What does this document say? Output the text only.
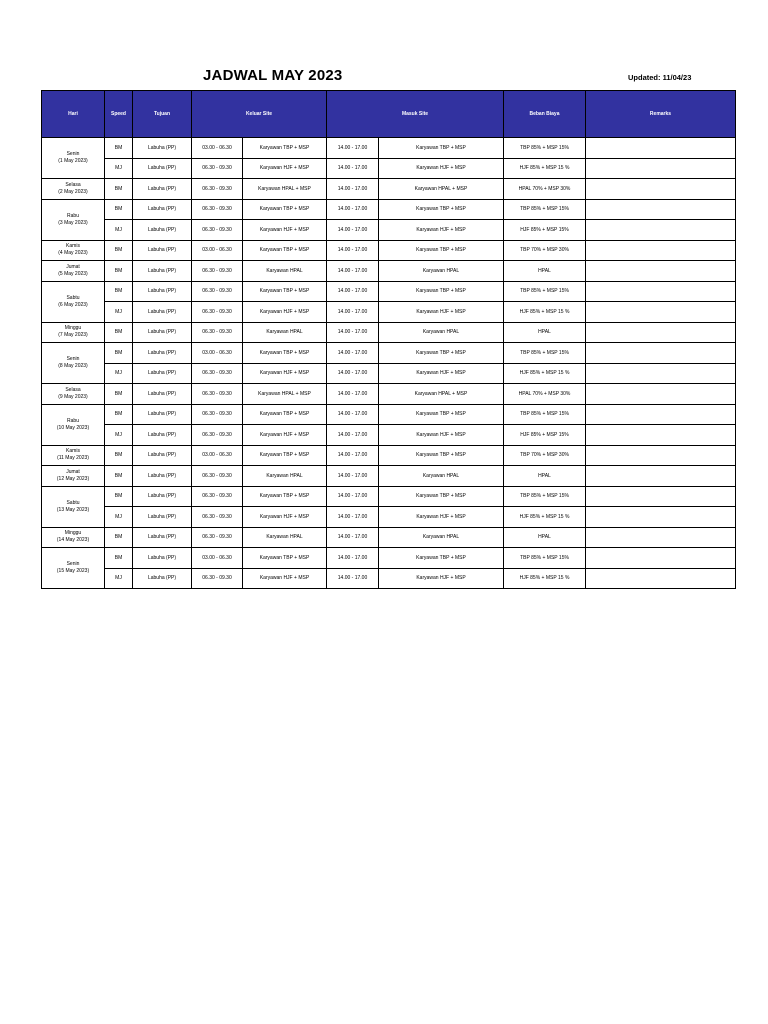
JADWAL MAY 2023	Updated: 11/04/23
Hari	Speed	Tujuan	Keluar Site		Masuk Site		Beban Biaya	Remarks

Senin
(1 May 2023)	BM	Labuha (PP)	03.00 - 06.30	Karyawan TBP + MSP	14.00 - 17.00	Karyawan TBP + MSP	TBP 85% + MSP 15%	
	MJ	Labuha (PP)	06.30 - 09.30	Karyawan HJF + MSP	14.00 - 17.00	Karyawan HJF + MSP	HJF 85% + MSP 15 %	

Selasa
(2 May 2023)	BM	Labuha (PP)	06.30 - 09.30	Karyawan HPAL + MSP	14.00 - 17.00	Karyawan HPAL + MSP	HPAL 70% + MSP 30%	

Rabu
(3 May 2023)	BM	Labuha (PP)	06.30 - 09.30	Karyawan TBP + MSP	14.00 - 17.00	Karyawan TBP + MSP	TBP 85% + MSP 15%	
	MJ	Labuha (PP)	06.30 - 09.30	Karyawan HJF + MSP	14.00 - 17.00	Karyawan HJF + MSP	HJF 85% + MSP 15%	

Kamis
(4 May 2023)	BM	Labuha (PP)	03.00 - 06.30	Karyawan TBP + MSP	14.00 - 17.00	Karyawan TBP + MSP	TBP 70% + MSP 30%	

Jumat
(5 May 2023)	BM	Labuha (PP)	06.30 - 09.30	Karyawan HPAL	14.00 - 17.00	Karyawan HPAL	HPAL	

Sabtu
(6 May 2023)	BM	Labuha (PP)	06.30 - 09.30	Karyawan TBP + MSP	14.00 - 17.00	Karyawan TBP + MSP	TBP 85% + MSP 15%	
	MJ	Labuha (PP)	06.30 - 09.30	Karyawan HJF + MSP	14.00 - 17.00	Karyawan HJF + MSP	HJF 85% + MSP 15 %	

Minggu
(7 May 2023)	BM	Labuha (PP)	06.30 - 09.30	Karyawan HPAL	14.00 - 17.00	Karyawan HPAL	HPAL	

Senin
(8 May 2023)	BM	Labuha (PP)	03.00 - 06.30	Karyawan TBP + MSP	14.00 - 17.00	Karyawan TBP + MSP	TBP 85% + MSP 15%	
	MJ	Labuha (PP)	06.30 - 09.30	Karyawan HJF + MSP	14.00 - 17.00	Karyawan HJF + MSP	HJF 85% + MSP 15 %	

Selasa
(9 May 2023)	BM	Labuha (PP)	06.30 - 09.30	Karyawan HPAL + MSP	14.00 - 17.00	Karyawan HPAL + MSP	HPAL 70% + MSP 30%	

Rabu
(10 May 2023)	BM	Labuha (PP)	06.30 - 09.30	Karyawan TBP + MSP	14.00 - 17.00	Karyawan TBP + MSP	TBP 85% + MSP 15%	
	MJ	Labuha (PP)	06.30 - 09.30	Karyawan HJF + MSP	14.00 - 17.00	Karyawan HJF + MSP	HJF 85% + MSP 15%	

Kamis
(11 May 2023)	BM	Labuha (PP)	03.00 - 06.30	Karyawan TBP + MSP	14.00 - 17.00	Karyawan TBP + MSP	TBP 70% + MSP 30%	

Jumat
(12 May 2023)	BM	Labuha (PP)	06.30 - 09.30	Karyawan HPAL	14.00 - 17.00	Karyawan HPAL	HPAL	

Sabtu
(13 May 2023)	BM	Labuha (PP)	06.30 - 09.30	Karyawan TBP + MSP	14.00 - 17.00	Karyawan TBP + MSP	TBP 85% + MSP 15%	
	MJ	Labuha (PP)	06.30 - 09.30	Karyawan HJF + MSP	14.00 - 17.00	Karyawan HJF + MSP	HJF 85% + MSP 15 %	

Minggu
(14 May 2023)	BM	Labuha (PP)	06.30 - 09.30	Karyawan HPAL	14.00 - 17.00	Karyawan HPAL	HPAL	

Senin
(15 May 2023)	BM	Labuha (PP)	03.00 - 06.30	Karyawan TBP + MSP	14.00 - 17.00	Karyawan TBP + MSP	TBP 85% + MSP 15%	
	MJ	Labuha (PP)	06.30 - 09.30	Karyawan HJF + MSP	14.00 - 17.00	Karyawan HJF + MSP	HJF 85% + MSP 15 %	
